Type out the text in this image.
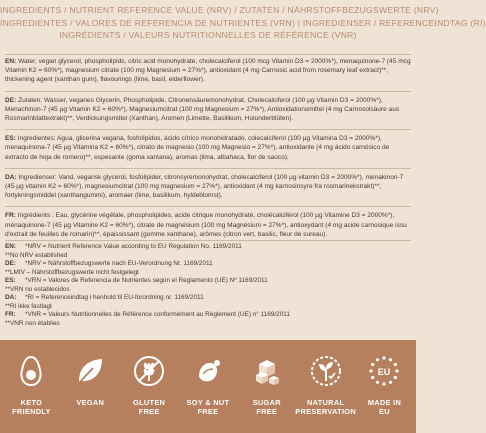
INGREDIENTS / NUTRIENT REFERENCE VALUE (NRV) / ZUTATEN / NÄHRSTOFFBEZUGSWERTE (NRV)
INGREDIENTES / VALORES DE REFERENCIA DE NUTRIENTES (VRN) | INGREDIENSER / REFERENCEINDTAG (RI)
INGRÉDIENTS / VALEURS NUTRITIONNELLES DE RÉFÉRENCE (VNR)

EN: Water, vegan glycerol, phospholipids, citric acid monohydrate, cholecalciferol (100 mcg Vitamin D3 = 2000%*), menaquinone-7 (45 mcg Vitamin K2 = 60%*), magnesium citrate (100 mg Magnesium = 27%*), antioxidant (4 mg Carnosic acid from rosemary leaf extract)**, thickening agent (xanthan gum), flavourings (lime, basil, elderflower).

DE: Zutaten: Wasser, veganes Glycerin, Phospholipide, Citronensäuremonohydrat, Cholecalciferol (100 µg Vitamin D3 = 2000%*), Menachinon-7 (45 µg Vitamin K2 = 60%*), Magnesiumcitrat (100 mg Magnesium = 27%*), Antioxidationsmittel (4 mg Carnosolsäure aus Rosmarinblattextrakt)**, Verdickungsmittel (Xanthan), Aromen (Limette, Basilikum, Holunderblüten).

ES: Ingredientes: Agua, glicerina vegana, fosfolípidos, ácido cítrico monohidratado, colecalciferol (100 µg Vitamina D3 = 2000%*), menaquinona-7 (45 µg Vitamina K2 = 60%*), citrato de magnesio (100 mg Magnesio = 27%*), antioxidante (4 mg ácido carnósico de extracto de hoja de romero)**, espesante (goma xantana), aromas (lima, albahaca, flor de saúco).

DA: Ingredienser: Vand, vegansk glycerol, fosfolipider, citronsyremonohydrat, cholecalciferol (100 µg vitamin D3 = 2000%*), menakinon-7 (45 µg vitamin K2 = 60%*), magnesiumcitrat (100 mg magnesium = 27%*), antioxidant (4 mg karnosinsyre fra rosmarinekstrakt)**, fortykningsmiddel (xanthangummi), aromaer (lime, basilikum, hyldeblomst).

FR: Ingrédients : Eau, glycérine végétale, phospholipides, acide citrique monohydraté, cholécalciférol (100 µg Vitamine D3 = 2000%*), ménaquinone-7 (45 µg Vitamine K2 = 60%*), citrate de magnésium (100 mg Magnésium = 27%*), antioxydant (4 mg acide carnosique issu d'extrait de feuilles de romarin)**, épaississant (gomme xanthane), arômes (citron vert, basilic, fleur de sureau).

EN:	*NRV = Nutrient Reference Value according to EU Regulation No. 1169/2011
**No NRV established
DE:	*NRV = Nährstoffbezugswerte nach EU-Verordnung Nr. 1169/2011
**LMIV – Nährstoffbezugswerte nicht festgelegt
ES:	*VRN = Valores de Referencia de Nutrientes según el Reglamento (UE) Nº 1169/2011
**VRN no establecidos
DA:	*RI = Referenceindtag i henhold til EU-forordning nr. 1169/2011
**RI ikke fastlagt
FR:	*VNR = Valeurs Nutritionnelles de Référence conformément au Règlement (UE) n° 1169/2011
**VNR non établies
KETO
FRIENDLY
VEGAN	GLUTEN
FREE
SOY & NUT
FREE
SUGAR
FREE
NATURAL
PRESERVATION
EU
MADE IN
EU
